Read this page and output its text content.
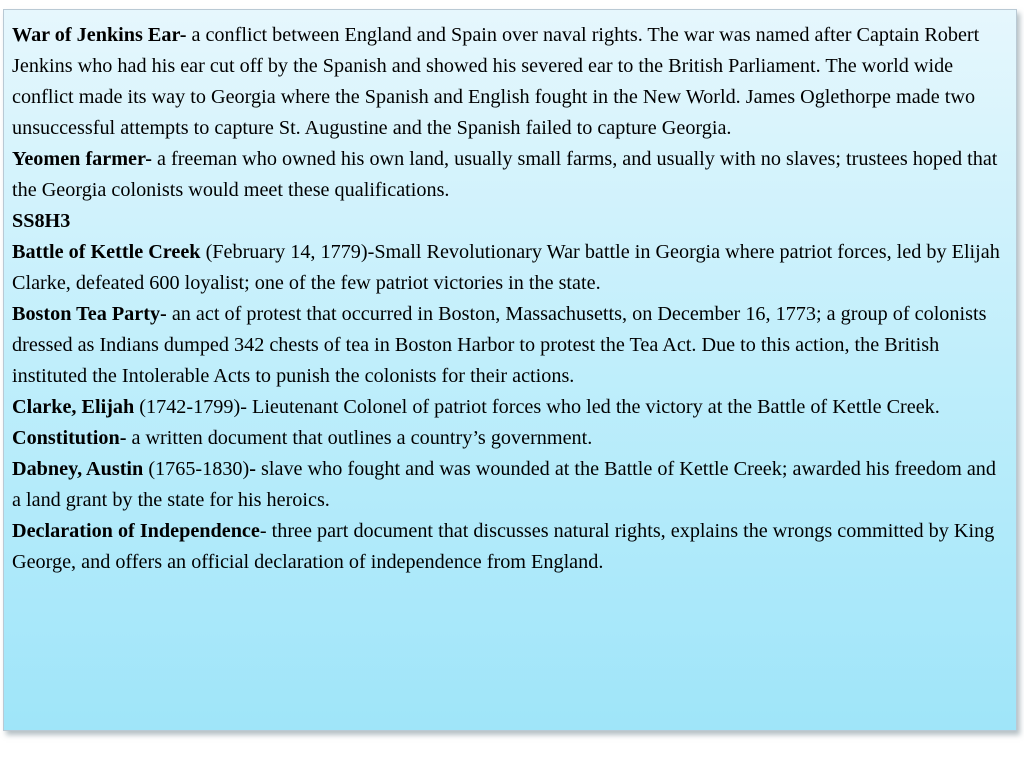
War of Jenkins Ear- a conflict between England and Spain over naval rights. The war was named after Captain Robert Jenkins who had his ear cut off by the Spanish and showed his severed ear to the British Parliament. The world wide conflict made its way to Georgia where the Spanish and English fought in the New World. James Oglethorpe made two unsuccessful attempts to capture St. Augustine and the Spanish failed to capture Georgia.

Yeomen farmer- a freeman who owned his own land, usually small farms, and usually with no slaves; trustees hoped that the Georgia colonists would meet these qualifications.

SS8H3

Battle of Kettle Creek (February 14, 1779)-Small Revolutionary War battle in Georgia where patriot forces, led by Elijah Clarke, defeated 600 loyalist; one of the few patriot victories in the state.

Boston Tea Party- an act of protest that occurred in Boston, Massachusetts, on December 16, 1773; a group of colonists dressed as Indians dumped 342 chests of tea in Boston Harbor to protest the Tea Act. Due to this action, the British instituted the Intolerable Acts to punish the colonists for their actions.

Clarke, Elijah (1742-1799)- Lieutenant Colonel of patriot forces who led the victory at the Battle of Kettle Creek.

Constitution- a written document that outlines a country’s government.

Dabney, Austin (1765-1830)- slave who fought and was wounded at the Battle of Kettle Creek; awarded his freedom and a land grant by the state for his heroics.

Declaration of Independence- three part document that discusses natural rights, explains the wrongs committed by King George, and offers an official declaration of independence from England.
